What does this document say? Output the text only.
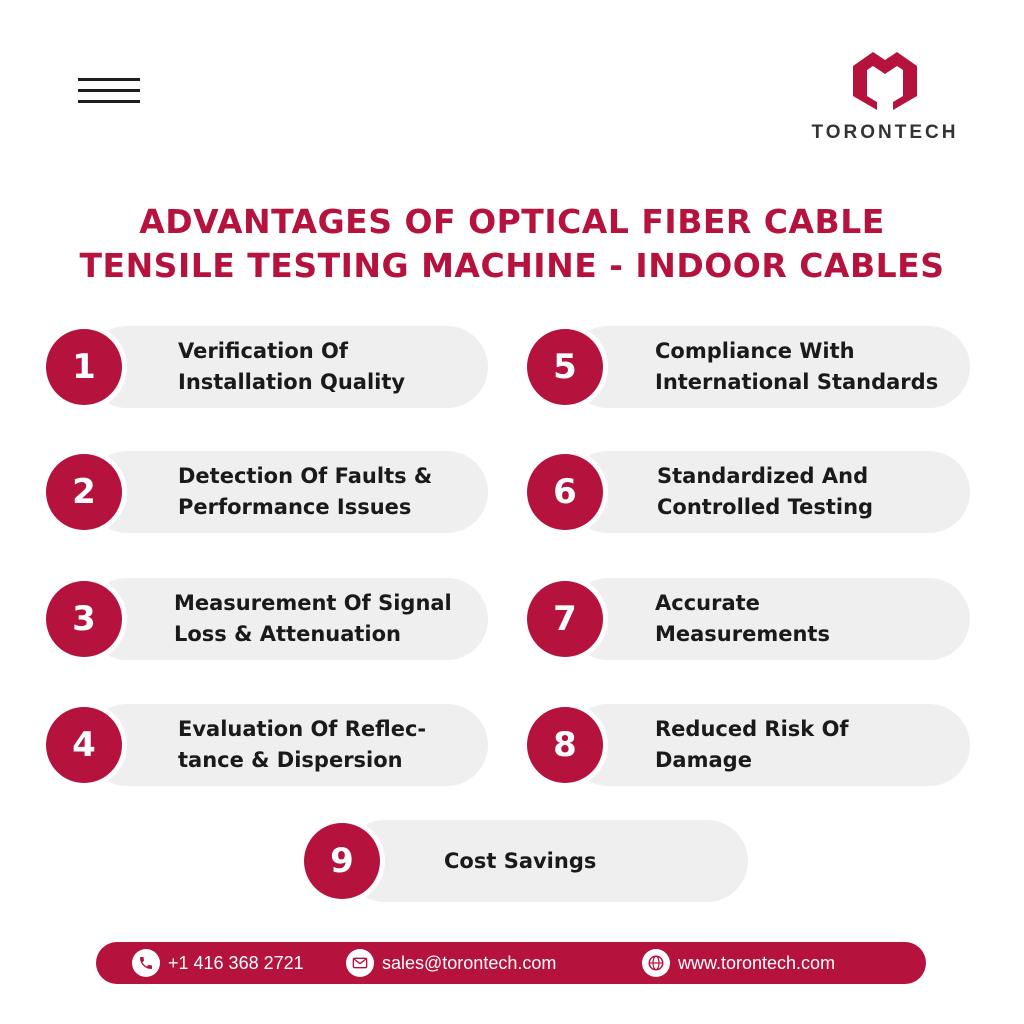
TORONTECH
ADVANTAGES OF OPTICAL FIBER CABLE
TENSILE TESTING MACHINE - INDOOR CABLES
1	Verification Of
Installation Quality
2	Detection Of Faults &
Performance Issues
3	Measurement Of Signal
Loss & Attenuation
4	Evaluation Of Reflec-
tance & Dispersion
5	Compliance With
International Standards
6	Standardized And
Controlled Testing
7	Accurate
Measurements
8	Reduced Risk Of
Damage
9	Cost Savings
+1 416 368 2721	sales@torontech.com	www.torontech.com
